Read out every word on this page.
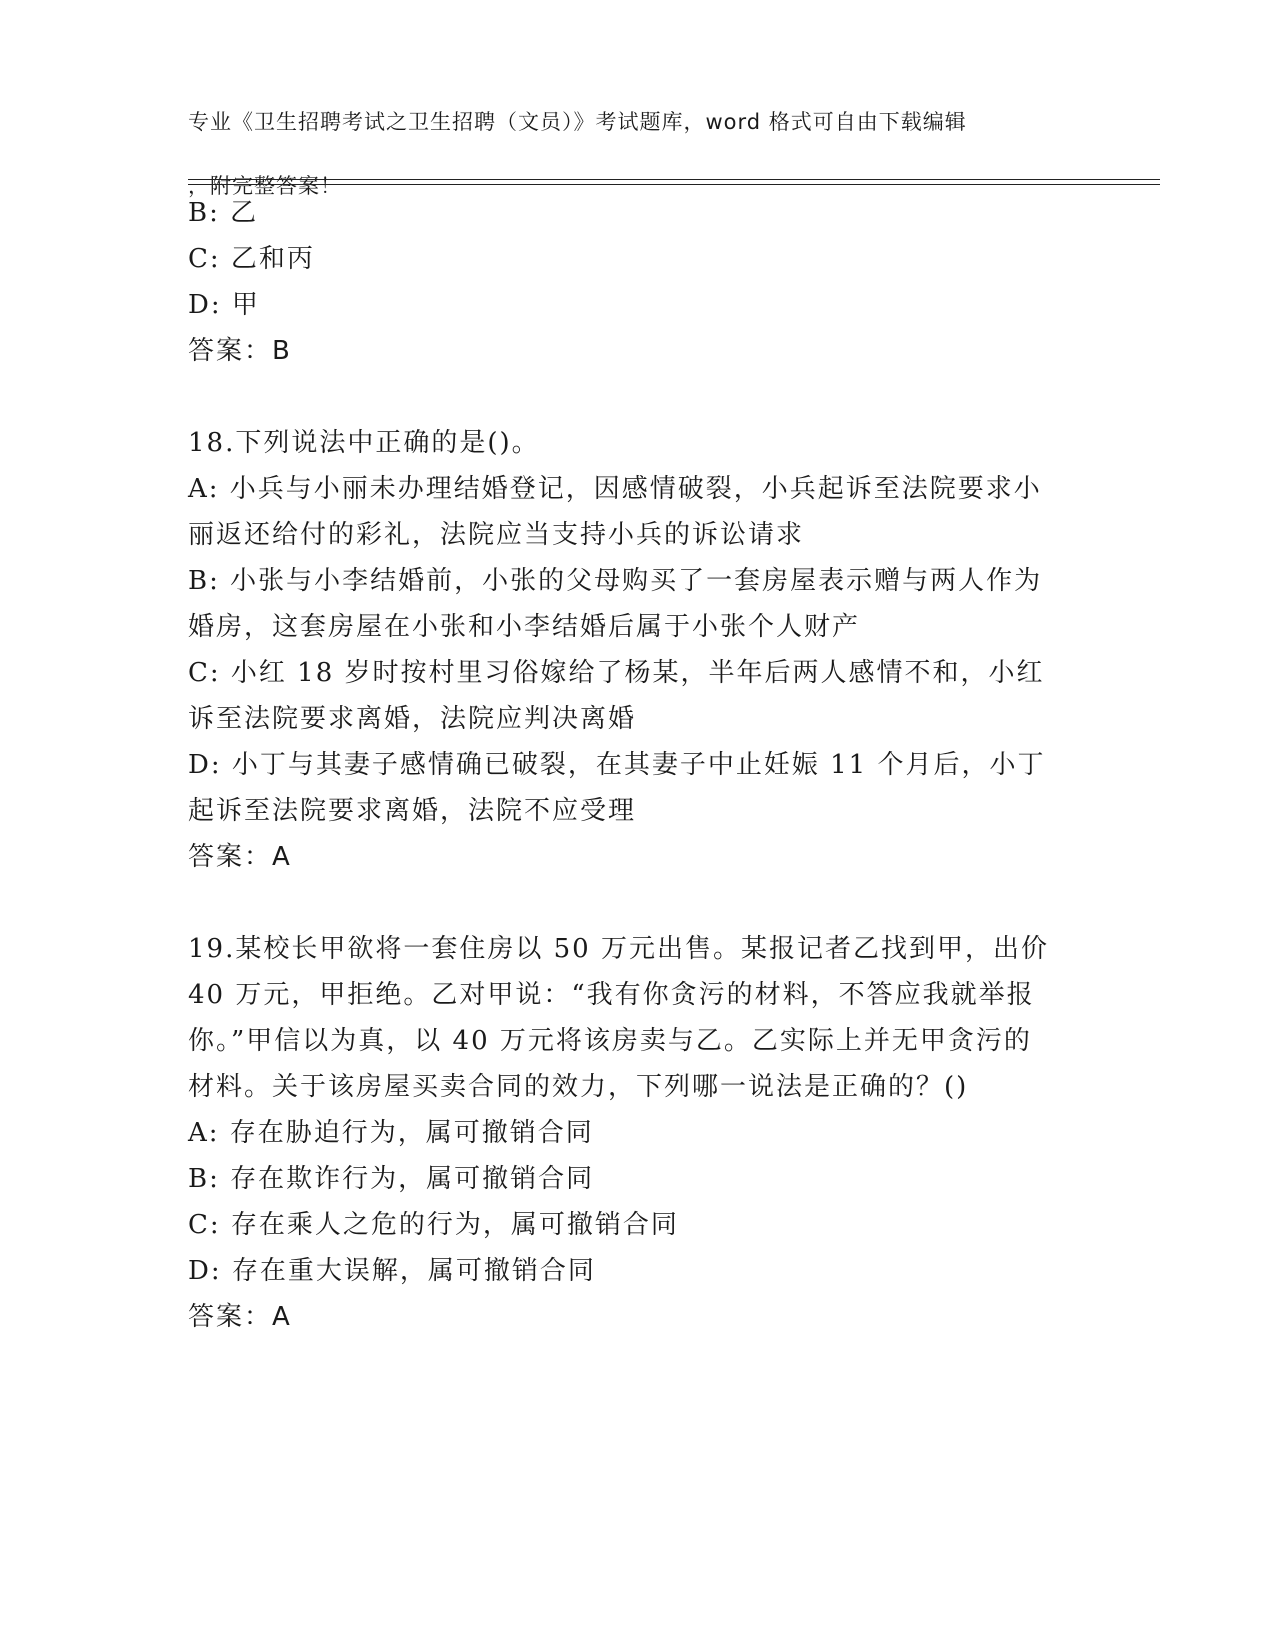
专业《卫生招聘考试之卫生招聘（文员）》考试题库，word 格式可自由下载编辑

，附完整答案！

B: 乙
C: 乙和丙
D: 甲
答案：B
18.下列说法中正确的是()。
A: 小兵与小丽未办理结婚登记，因感情破裂，小兵起诉至法院要求小
丽返还给付的彩礼，法院应当支持小兵的诉讼请求
B: 小张与小李结婚前，小张的父母购买了一套房屋表示赠与两人作为
婚房，这套房屋在小张和小李结婚后属于小张个人财产
C: 小红 18 岁时按村里习俗嫁给了杨某，半年后两人感情不和，小红
诉至法院要求离婚，法院应判决离婚
D: 小丁与其妻子感情确已破裂，在其妻子中止妊娠 11 个月后，小丁
起诉至法院要求离婚，法院不应受理
答案：A
19.某校长甲欲将一套住房以 50 万元出售。某报记者乙找到甲，出价
40 万元，甲拒绝。乙对甲说：“我有你贪污的材料，不答应我就举报
你。”甲信以为真，以 40 万元将该房卖与乙。乙实际上并无甲贪污的
材料。关于该房屋买卖合同的效力，下列哪一说法是正确的？()
A: 存在胁迫行为，属可撤销合同
B: 存在欺诈行为，属可撤销合同
C: 存在乘人之危的行为，属可撤销合同
D: 存在重大误解，属可撤销合同
答案：A
